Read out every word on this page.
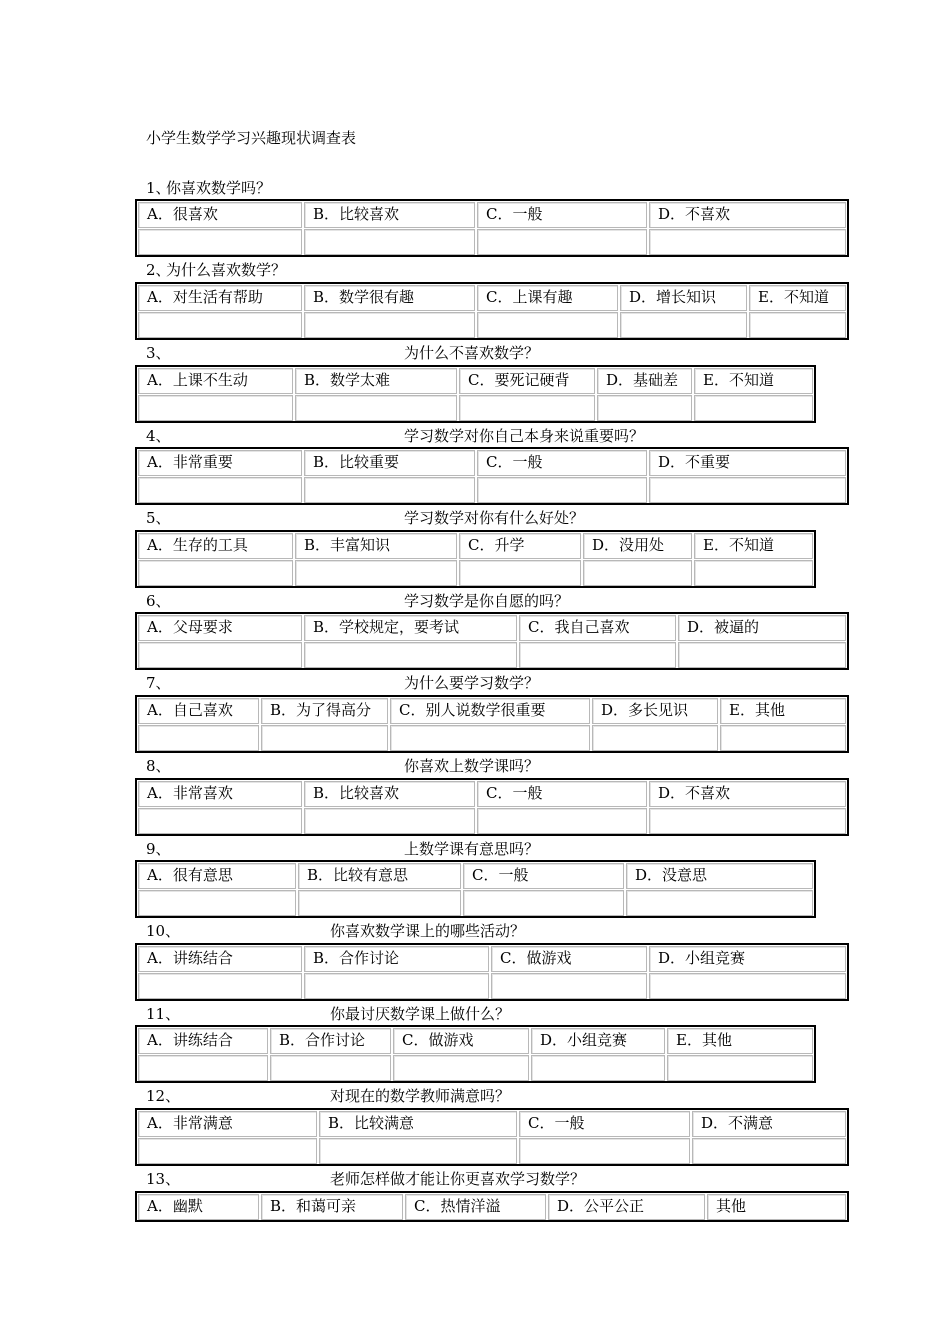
小学生数学学习兴趣现状调查表
1、
你喜欢数学吗？
A．很喜欢	B．比较喜欢	C．一般	D．不喜欢
2、
为什么喜欢数学？
A．对生活有帮助	B．数学很有趣	C．上课有趣	D．增长知识	E．不知道
3、	为什么不喜欢数学？
A．上课不生动	B．数学太难	C．要死记硬背	D．基础差	E．不知道
4、	学习数学对你自己本身来说重要吗？
A．非常重要	B．比较重要	C．一般	D．不重要
5、	学习数学对你有什么好处？
A．生存的工具	B．丰富知识	C．升学	D．没用处	E．不知道
6、	学习数学是你自愿的吗？
A．父母要求	B．学校规定，要考试	C．我自己喜欢	D．被逼的
7、	为什么要学习数学？
A．自己喜欢	B．为了得高分	C．别人说数学很重要	D．多长见识	E．其他
8、	你喜欢上数学课吗？
A．非常喜欢	B．比较喜欢	C．一般	D．不喜欢
9、	上数学课有意思吗？
A．很有意思	B．比较有意思	C．一般	D．没意思
10、	你喜欢数学课上的哪些活动？
A．讲练结合	B．合作讨论	C．做游戏	D．小组竞赛
11、	你最讨厌数学课上做什么？
A．讲练结合	B．合作讨论	C．做游戏	D．小组竞赛	E．其他
12、	对现在的数学教师满意吗？
A．非常满意	B．比较满意	C．一般	D．不满意
13、	老师怎样做才能让你更喜欢学习数学？
A．幽默	B．和蔼可亲	C．热情洋溢	D．公平公正	其他
